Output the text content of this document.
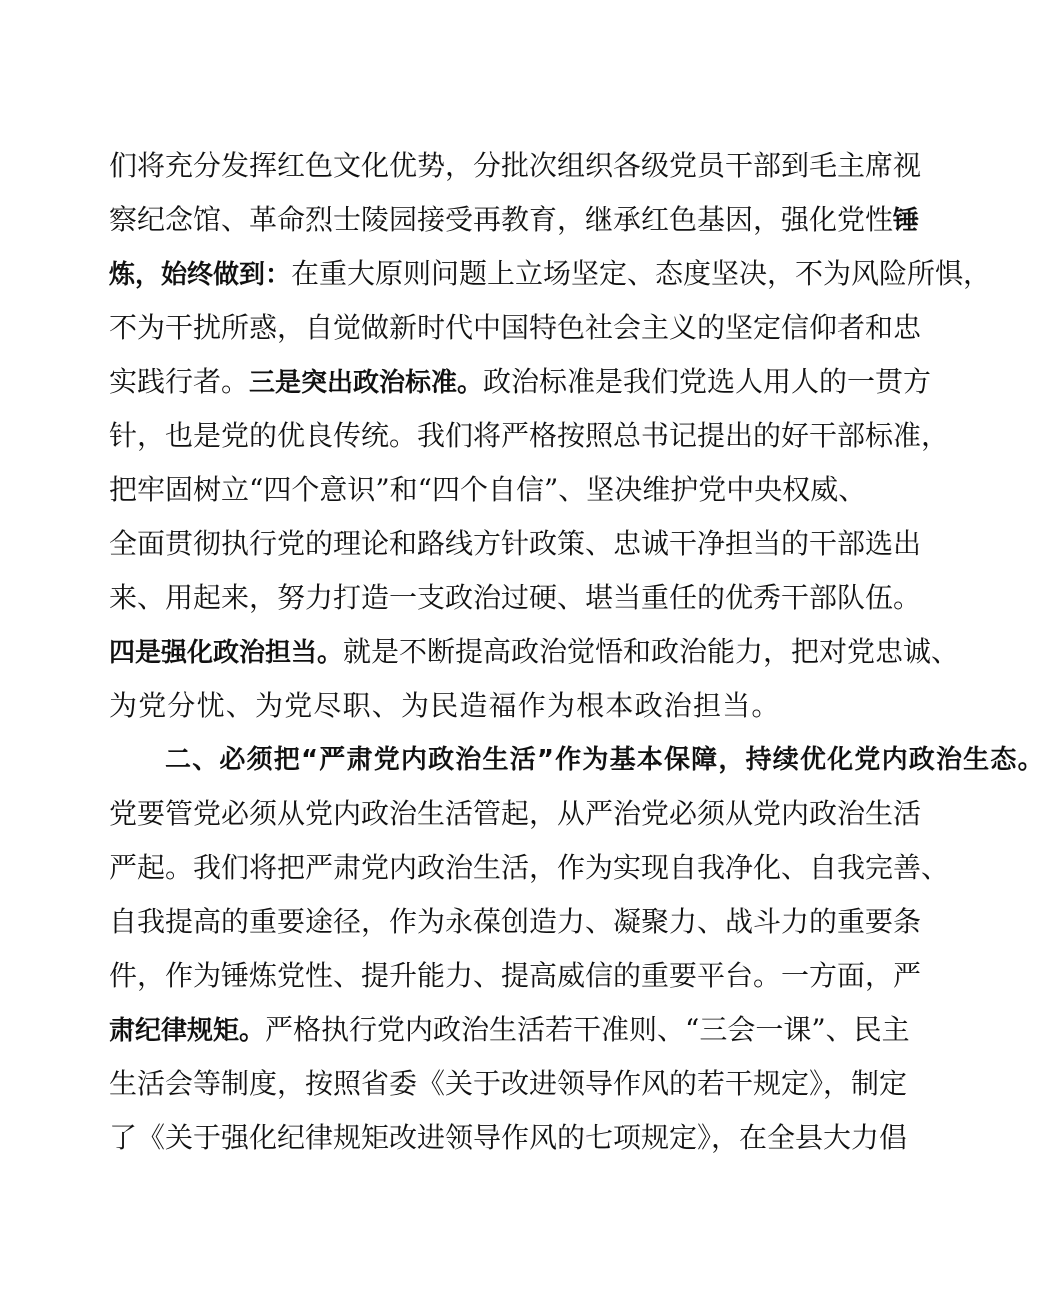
们将充分发挥红色文化优势，分批次组织各级党员干部到毛主席视
察纪念馆、革命烈士陵园接受再教育，继承红色基因，强化党性锤
炼，始终做到：在重大原则问题上立场坚定、态度坚决，不为风险所惧，
不为干扰所惑，自觉做新时代中国特色社会主义的坚定信仰者和忠
实践行者。三是突出政治标准。政治标准是我们党选人用人的一贯方
针，也是党的优良传统。我们将严格按照总书记提出的好干部标准，
把牢固树立“四个意识”和“四个自信”、坚决维护党中央权威、
全面贯彻执行党的理论和路线方针政策、忠诚干净担当的干部选出
来、用起来，努力打造一支政治过硬、堪当重任的优秀干部队伍。
四是强化政治担当。就是不断提高政治觉悟和政治能力，把对党忠诚、
为党分忧、为党尽职、为民造福作为根本政治担当。
二、必须把“严肃党内政治生活”作为基本保障，持续优化党内政治生态。
党要管党必须从党内政治生活管起，从严治党必须从党内政治生活
严起。我们将把严肃党内政治生活，作为实现自我净化、自我完善、
自我提高的重要途径，作为永葆创造力、凝聚力、战斗力的重要条
件，作为锤炼党性、提升能力、提高威信的重要平台。一方面，严
肃纪律规矩。严格执行党内政治生活若干准则、“三会一课”、民主
生活会等制度，按照省委《关于改进领导作风的若干规定》，制定
了《关于强化纪律规矩改进领导作风的七项规定》，在全县大力倡
